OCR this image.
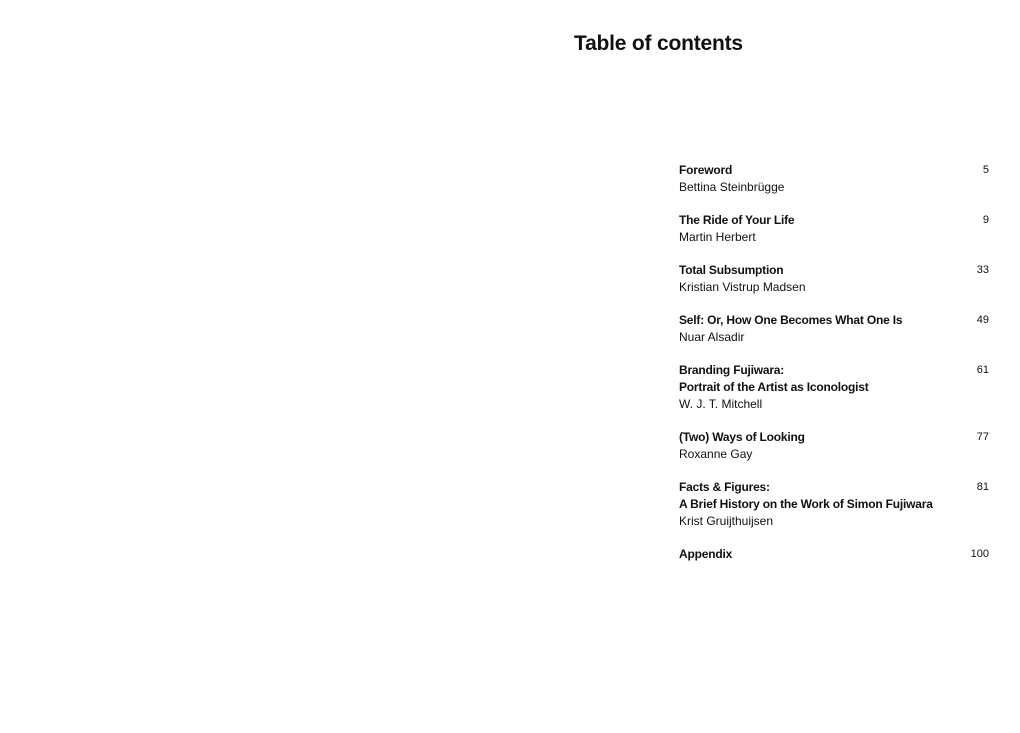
Table of contents
Foreword
Bettina Steinbrügge
5
The Ride of Your Life
Martin Herbert
9
Total Subsumption
Kristian Vistrup Madsen
33
Self: Or, How One Becomes What One Is
Nuar Alsadir
49
Branding Fujiwara:
Portrait of the Artist as Iconologist
W. J. T. Mitchell
61
(Two) Ways of Looking
Roxanne Gay
77
Facts & Figures:
A Brief History on the Work of Simon Fujiwara
Krist Gruijthuijsen
81
Appendix	100
